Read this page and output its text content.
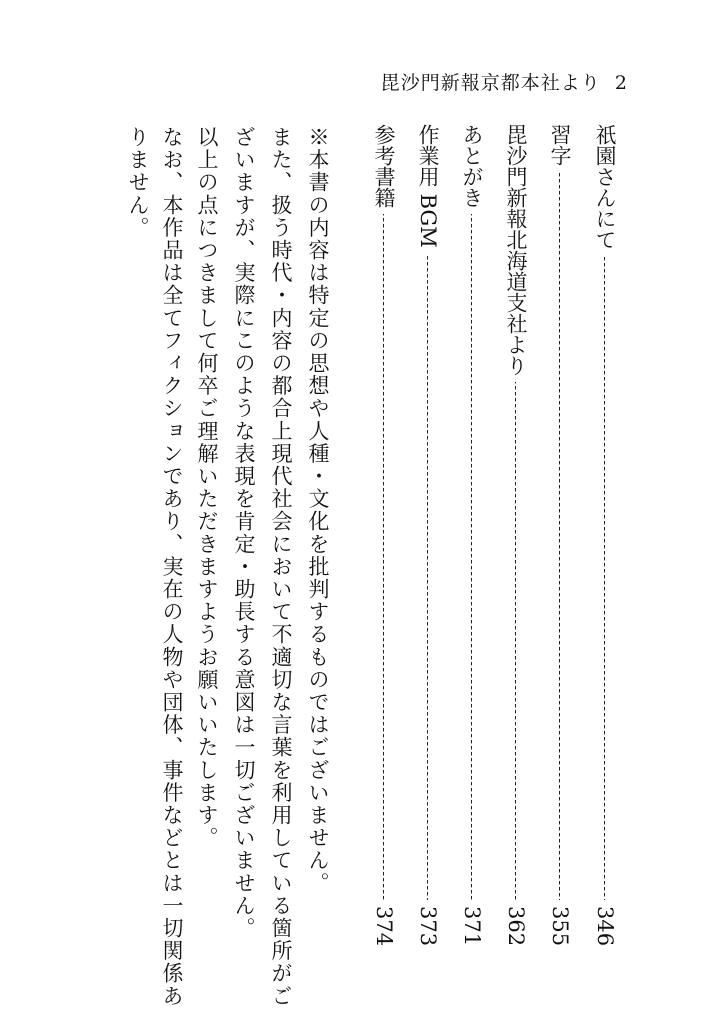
毘沙門新報京都本社より 2
祇園さんにて
346
習字
355
毘沙門新報北海道支社より
362
あとがき
371
作業用 BGM
373
参考書籍
374
※本書の内容は特定の思想や人種・文化を批判するものではございません。
また、扱う時代・内容の都合上現代社会において不適切な言葉を利用している箇所がご
ざいますが、実際にこのような表現を肯定・助長する意図は一切ございません。
以上の点につきまして何卒ご理解いただきますようお願いいたします。
なお、本作品は全てフィクションであり、実在の人物や団体、事件などとは一切関係あ
りません。
